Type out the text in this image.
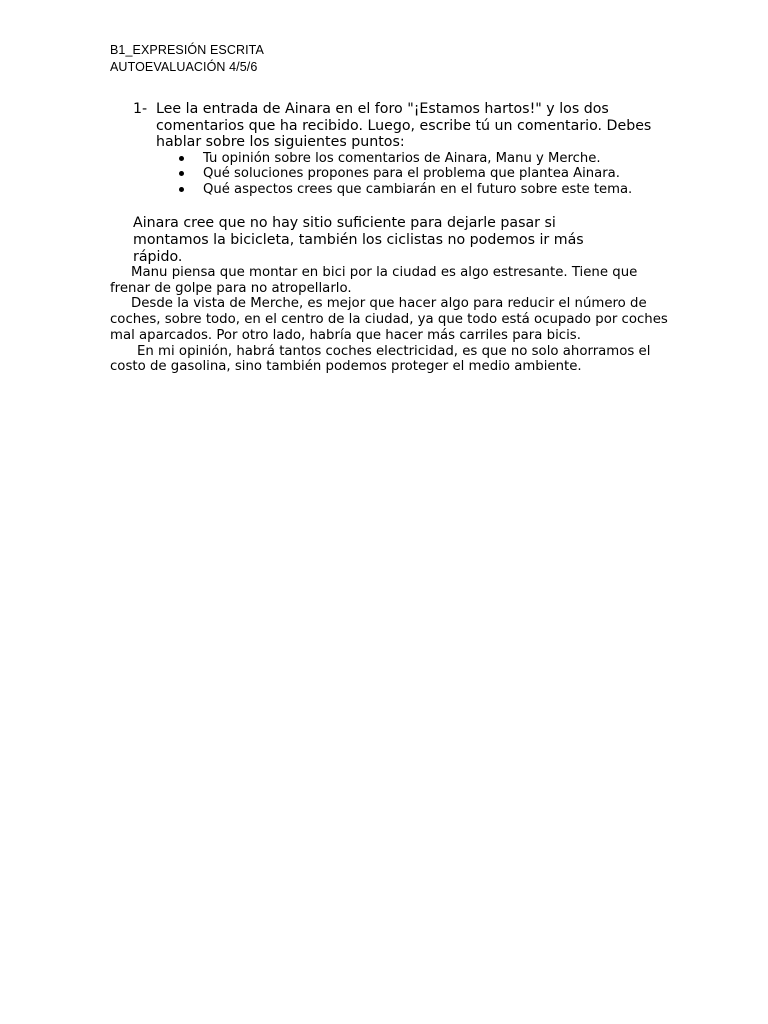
B1_EXPRESIÓN ESCRITA
AUTOEVALUACIÓN 4/5/6
1- Lee la entrada de Ainara en el foro "¡Estamos hartos!" y los dos comentarios que ha recibido. Luego, escribe tú un comentario. Debes hablar sobre los siguientes puntos:
Tu opinión sobre los comentarios de Ainara, Manu y Merche.
Qué soluciones propones para el problema que plantea Ainara.
Qué aspectos crees que cambiarán en el futuro sobre este tema.
Ainara cree que no hay sitio suficiente para dejarle pasar si montamos la bicicleta, también los ciclistas no podemos ir más rápido.

Manu piensa que montar en bici por la ciudad es algo estresante. Tiene que frenar de golpe para no atropellarlo.

Desde la vista de Merche, es mejor que hacer algo para reducir el número de coches, sobre todo, en el centro de la ciudad, ya que todo está ocupado por coches mal aparcados. Por otro lado, habría que hacer más carriles para bicis.

En mi opinión, habrá tantos coches electricidad, es que no solo ahorramos el costo de gasolina, sino también podemos proteger el medio ambiente.
